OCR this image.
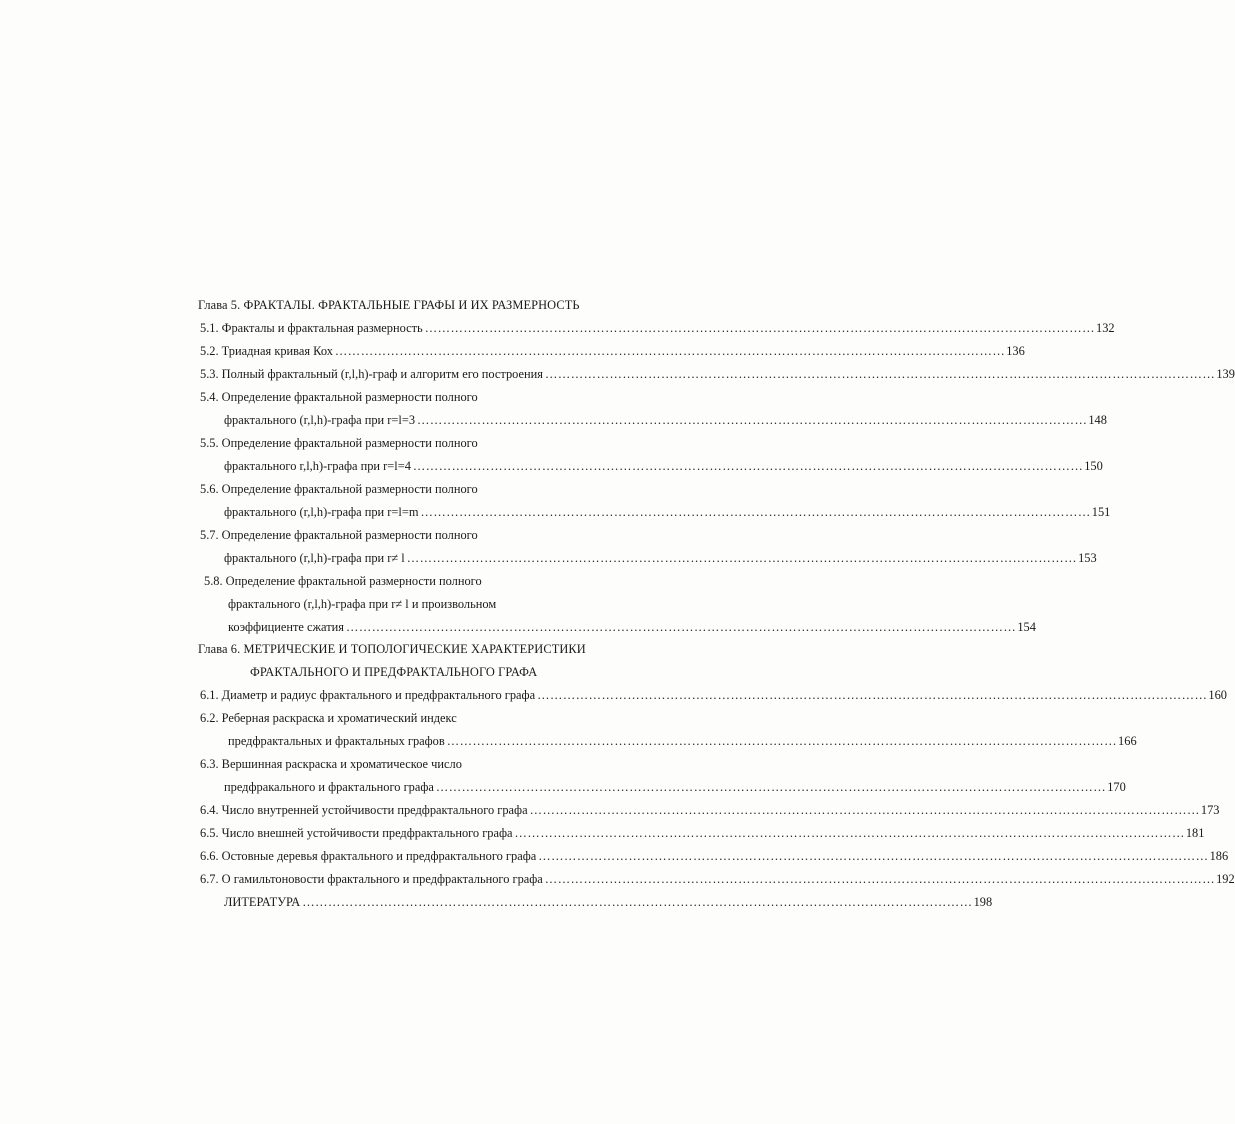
Глава 5. ФРАКТАЛЫ. ФРАКТАЛЬНЫЕ ГРАФЫ И ИХ РАЗМЕРНОСТЬ
5.1. Фракталы и фрактальная размерность ………………………………………………………………………………………………………………………………………… 132
5.2. Триадная кривая Кох ………………………………………………………………………………………………………………………………………… 136
5.3. Полный фрактальный (r,l,h)-граф и алгоритм его построения ………………………………………………………………………………………………………………………………………… 139
5.4. Определение фрактальной размерности полного
фрактального (r,l,h)-графа при r=l=3 ………………………………………………………………………………………………………………………………………… 148
5.5. Определение фрактальной размерности полного
фрактального r,l,h)-графа при r=l=4 ………………………………………………………………………………………………………………………………………… 150
5.6. Определение фрактальной размерности полного
фрактального (r,l,h)-графа при r=l=m ………………………………………………………………………………………………………………………………………… 151
5.7. Определение фрактальной размерности полного
фрактального (r,l,h)-графа при r≠ l ………………………………………………………………………………………………………………………………………… 153
5.8. Определение фрактальной размерности полного
фрактального (r,l,h)-графа при r≠ l и произвольном
коэффициенте сжатия ………………………………………………………………………………………………………………………………………… 154
Глава 6. МЕТРИЧЕСКИЕ И ТОПОЛОГИЧЕСКИЕ ХАРАКТЕРИСТИКИ
ФРАКТАЛЬНОГО И ПРЕДФРАКТАЛЬНОГО ГРАФА
6.1. Диаметр и радиус фрактального и предфрактального графа ………………………………………………………………………………………………………………………………………… 160
6.2. Реберная раскраска и хроматический индекс
предфрактальных и фрактальных графов ………………………………………………………………………………………………………………………………………… 166
6.3. Вершинная раскраска и хроматическое число
предфракального и фрактального графа ………………………………………………………………………………………………………………………………………… 170
6.4. Число внутренней устойчивости предфрактального графа ………………………………………………………………………………………………………………………………………… 173
6.5. Число внешней устойчивости предфрактального графа ………………………………………………………………………………………………………………………………………… 181
6.6. Остовные деревья фрактального и предфрактального графа ………………………………………………………………………………………………………………………………………… 186
6.7. О гамильтоновости фрактального и предфрактального графа ………………………………………………………………………………………………………………………………………… 192
ЛИТЕРАТУРА ………………………………………………………………………………………………………………………………………… 198
